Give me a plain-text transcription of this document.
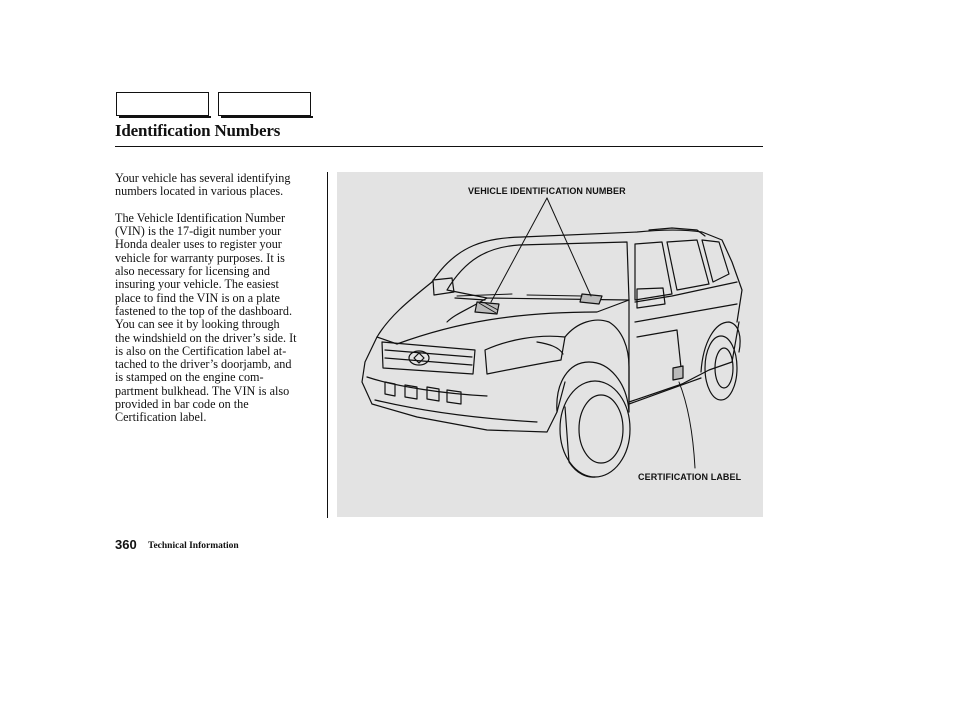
Identification Numbers

Your vehicle has several identifying
numbers located in various places.

The Vehicle Identification Number
(VIN) is the 17-digit number your
Honda dealer uses to register your
vehicle for warranty purposes. It is
also necessary for licensing and
insuring your vehicle. The easiest
place to find the VIN is on a plate
fastened to the top of the dashboard.
You can see it by looking through
the windshield on the driver’s side. It
is also on the Certification label at-
tached to the driver’s doorjamb, and
is stamped on the engine com-
partment bulkhead. The VIN is also
provided in bar code on the
Certification label.

VEHICLE IDENTIFICATION NUMBER
CERTIFICATION LABEL
360 Technical Information
